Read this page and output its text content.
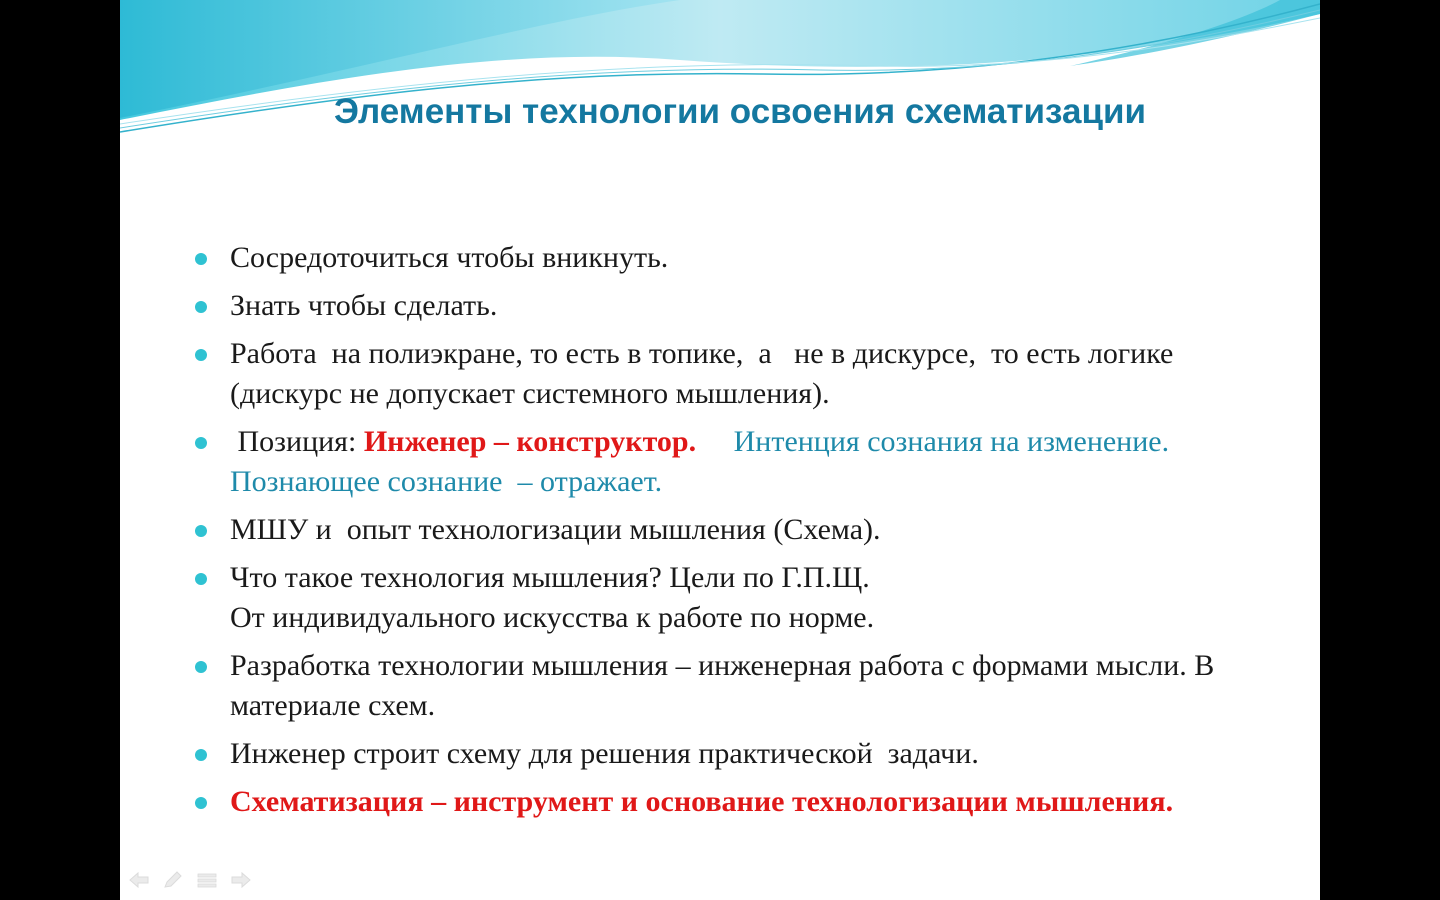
Элементы технологии освоения схематизации
Сосредоточиться чтобы вникнуть.
Знать чтобы сделать.
Работа  на полиэкране, то есть в топике,  а   не в дискурсе,  то есть логике (дискурс не допускает системного мышления).
Позиция: Инженер – конструктор.     Интенция сознания на изменение.  Познающее сознание  – отражает.
МШУ и  опыт технологизации мышления (Схема).
Что такое технология мышления? Цели по Г.П.Щ.
От индивидуального искусства к работе по норме.
Разработка технологии мышления – инженерная работа с формами мысли. В материале схем.
Инженер строит схему для решения практической  задачи.
Схематизация – инструмент и основание технологизации мышления.
